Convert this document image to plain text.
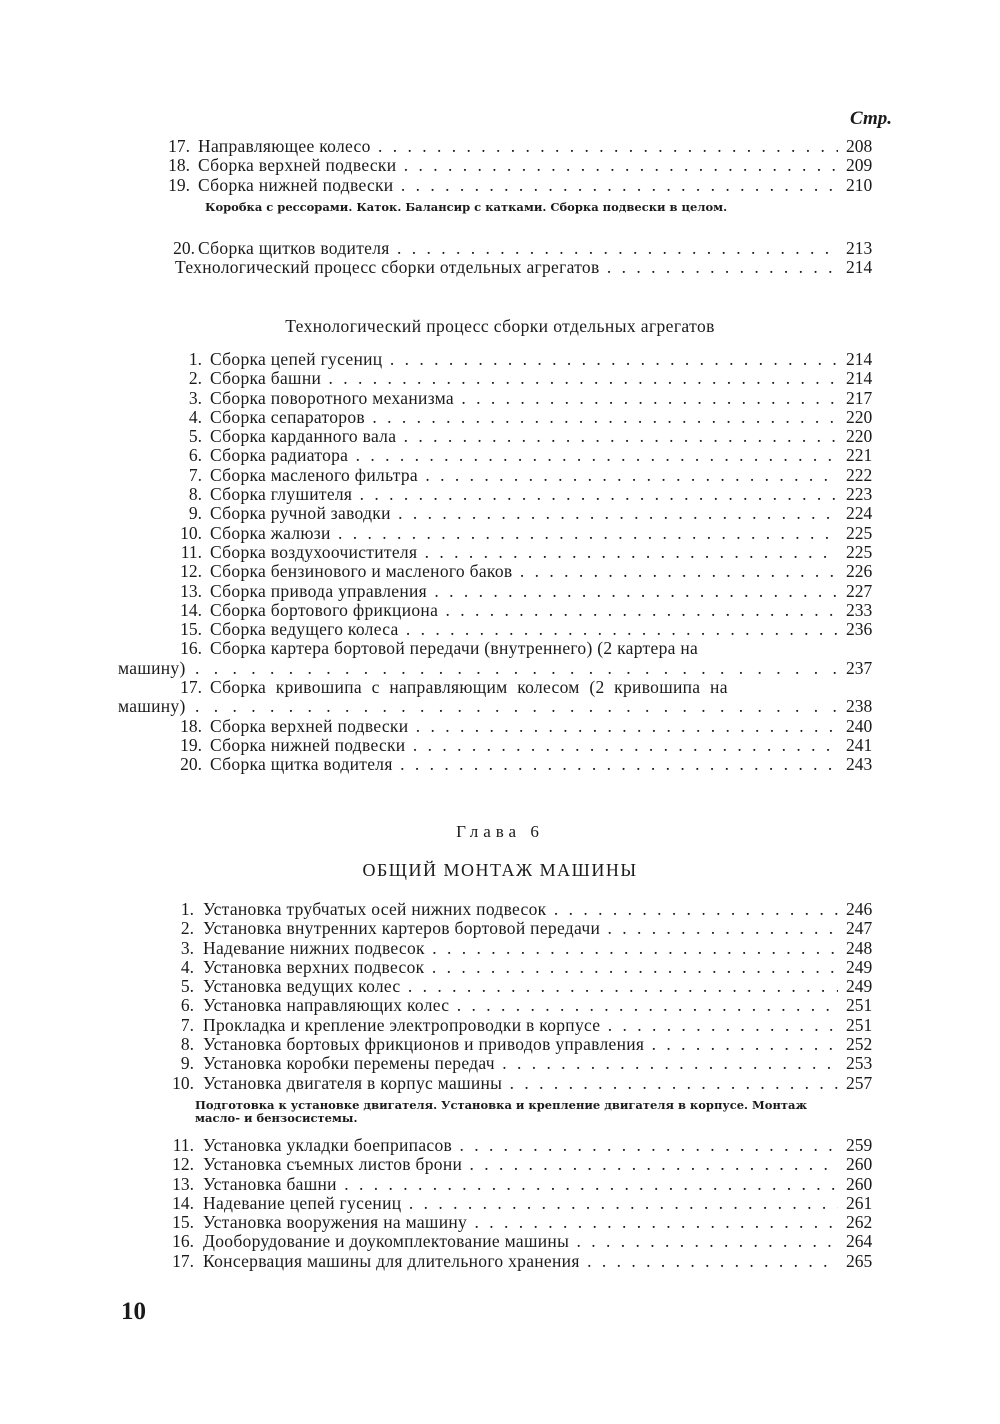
Стр.
17. Направляющее колесо . . .	208
18. Сборка верхней подвески . . .	209
19. Сборка нижней подвески . . .	210
Коробка с рессорами. Каток. Балансир с катками. Сборка подвески в целом.
20. Сборка щитков водителя . . .	213
Технологический процесс сборки отдельных агрегатов . . .	214
Технологический процесс сборки отдельных агрегатов
1. Сборка цепей гусениц . . .	214
2. Сборка башни . . .	214
3. Сборка поворотного механизма . . .	217
4. Сборка сепараторов . . .	220
5. Сборка карданного вала . . .	220
6. Сборка радиатора . . .	221
7. Сборка масленого фильтра . . .	222
8. Сборка глушителя . . .	223
9. Сборка ручной заводки . . .	224
10. Сборка жалюзи . . .	225
11. Сборка воздухоочистителя . . .	225
12. Сборка бензинового и масленого баков . . .	226
13. Сборка привода управления . . .	227
14. Сборка бортового фрикциона . . .	233
15. Сборка ведущего колеса . . .	236
16. Сборка картера бортовой передачи (внутреннего) (2 картера на
машину) . . .	237
17. Сборка кривошипа с направляющим колесом (2 кривошипа на
машину) . . .	238
18. Сборка верхней подвески . . .	240
19. Сборка нижней подвески . . .	241
20. Сборка щитка водителя . . .	243
Глава 6
ОБЩИЙ МОНТАЖ МАШИНЫ
1. Установка трубчатых осей нижних подвесок . . .	246
2. Установка внутренних картеров бортовой передачи . . .	247
3. Надевание нижних подвесок . . .	248
4. Установка верхних подвесок . . .	249
5. Установка ведущих колес . . .	249
6. Установка направляющих колес . . .	251
7. Прокладка и крепление электропроводки в корпусе . . .	251
8. Установка бортовых фрикционов и приводов управления . . .	252
9. Установка коробки перемены передач . . .	253
10. Установка двигателя в корпус машины . . .	257
Подготовка к установке двигателя. Установка и крепление двигателя в корпусе. Монтаж масло- и бензосистемы.
11. Установка укладки боеприпасов . . .	259
12. Установка съемных листов брони . . .	260
13. Установка башни . . .	260
14. Надевание цепей гусениц . . .	261
15. Установка вооружения на машину . . .	262
16. Дооборудование и доукомплектование машины . . .	264
17. Консервация машины для длительного хранения . . .	265
10
